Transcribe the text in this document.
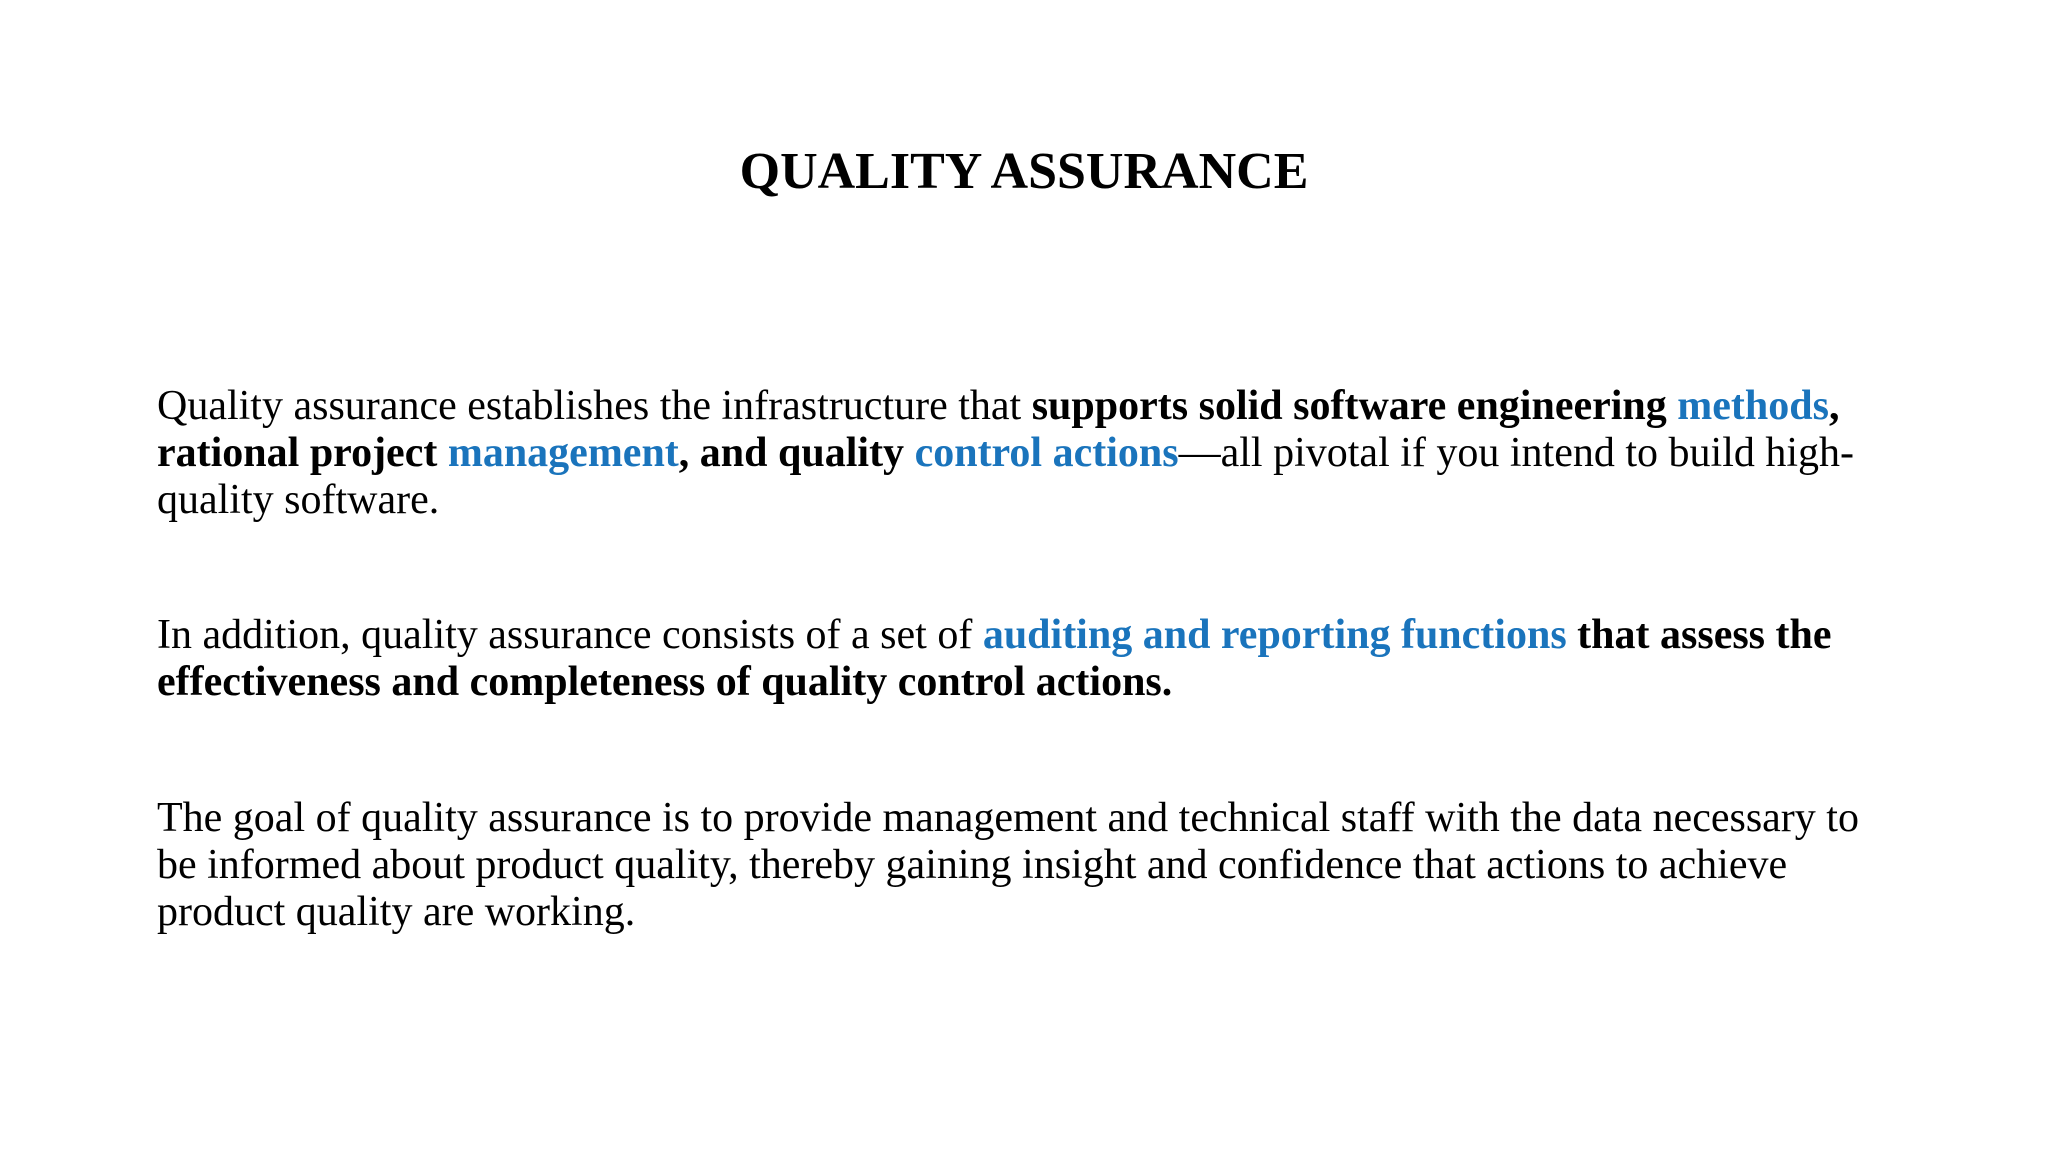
QUALITY ASSURANCE
Quality assurance establishes the infrastructure that supports solid software engineering methods,
rational project management, and quality control actions—all pivotal if you intend to build high-
quality software.
In addition, quality assurance consists of a set of auditing and reporting functions that assess the
effectiveness and completeness of quality control actions.
The goal of quality assurance is to provide management and technical staff with the data necessary to
be informed about product quality, thereby gaining insight and confidence that actions to achieve
product quality are working.
